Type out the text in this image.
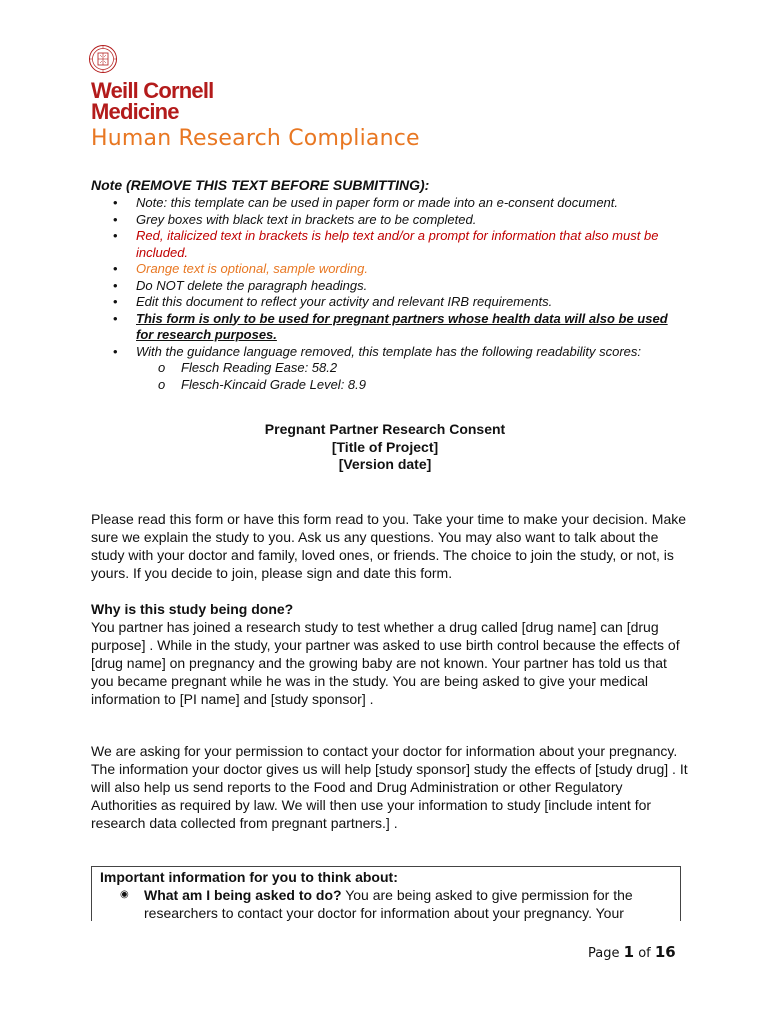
Weill Cornell
Medicine
Human Research Compliance
Note (REMOVE THIS TEXT BEFORE SUBMITTING):
• Note: this template can be used in paper form or made into an e-consent document.
• Grey boxes with black text in brackets are to be completed.
• Red, italicized text in brackets is help text and/or a prompt for information that also must be included.
• Orange text is optional, sample wording.
• Do NOT delete the paragraph headings.
• Edit this document to reflect your activity and relevant IRB requirements.
• This form is only to be used for pregnant partners whose health data will also be used for research purposes.
• With the guidance language removed, this template has the following readability scores:
o Flesch Reading Ease: 58.2
o Flesch-Kincaid Grade Level: 8.9
Pregnant Partner Research Consent
[Title of Project]
[Version date]
Please read this form or have this form read to you. Take your time to make your decision. Make sure we explain the study to you. Ask us any questions. You may also want to talk about the study with your doctor and family, loved ones, or friends. The choice to join the study, or not, is yours. If you decide to join, please sign and date this form.
Why is this study being done?
You partner has joined a research study to test whether a drug called [drug name] can [drug purpose] . While in the study, your partner was asked to use birth control because the effects of [drug name] on pregnancy and the growing baby are not known. Your partner has told us that you became pregnant while he was in the study. You are being asked to give your medical information to [PI name] and [study sponsor] .
We are asking for your permission to contact your doctor for information about your pregnancy. The information your doctor gives us will help [study sponsor] study the effects of [study drug] . It will also help us send reports to the Food and Drug Administration or other Regulatory Authorities as required by law. We will then use your information to study [include intent for research data collected from pregnant partners.] .
Important information for you to think about:
◉ What am I being asked to do? You are being asked to give permission for the researchers to contact your doctor for information about your pregnancy. Your
Page 1 of 16
